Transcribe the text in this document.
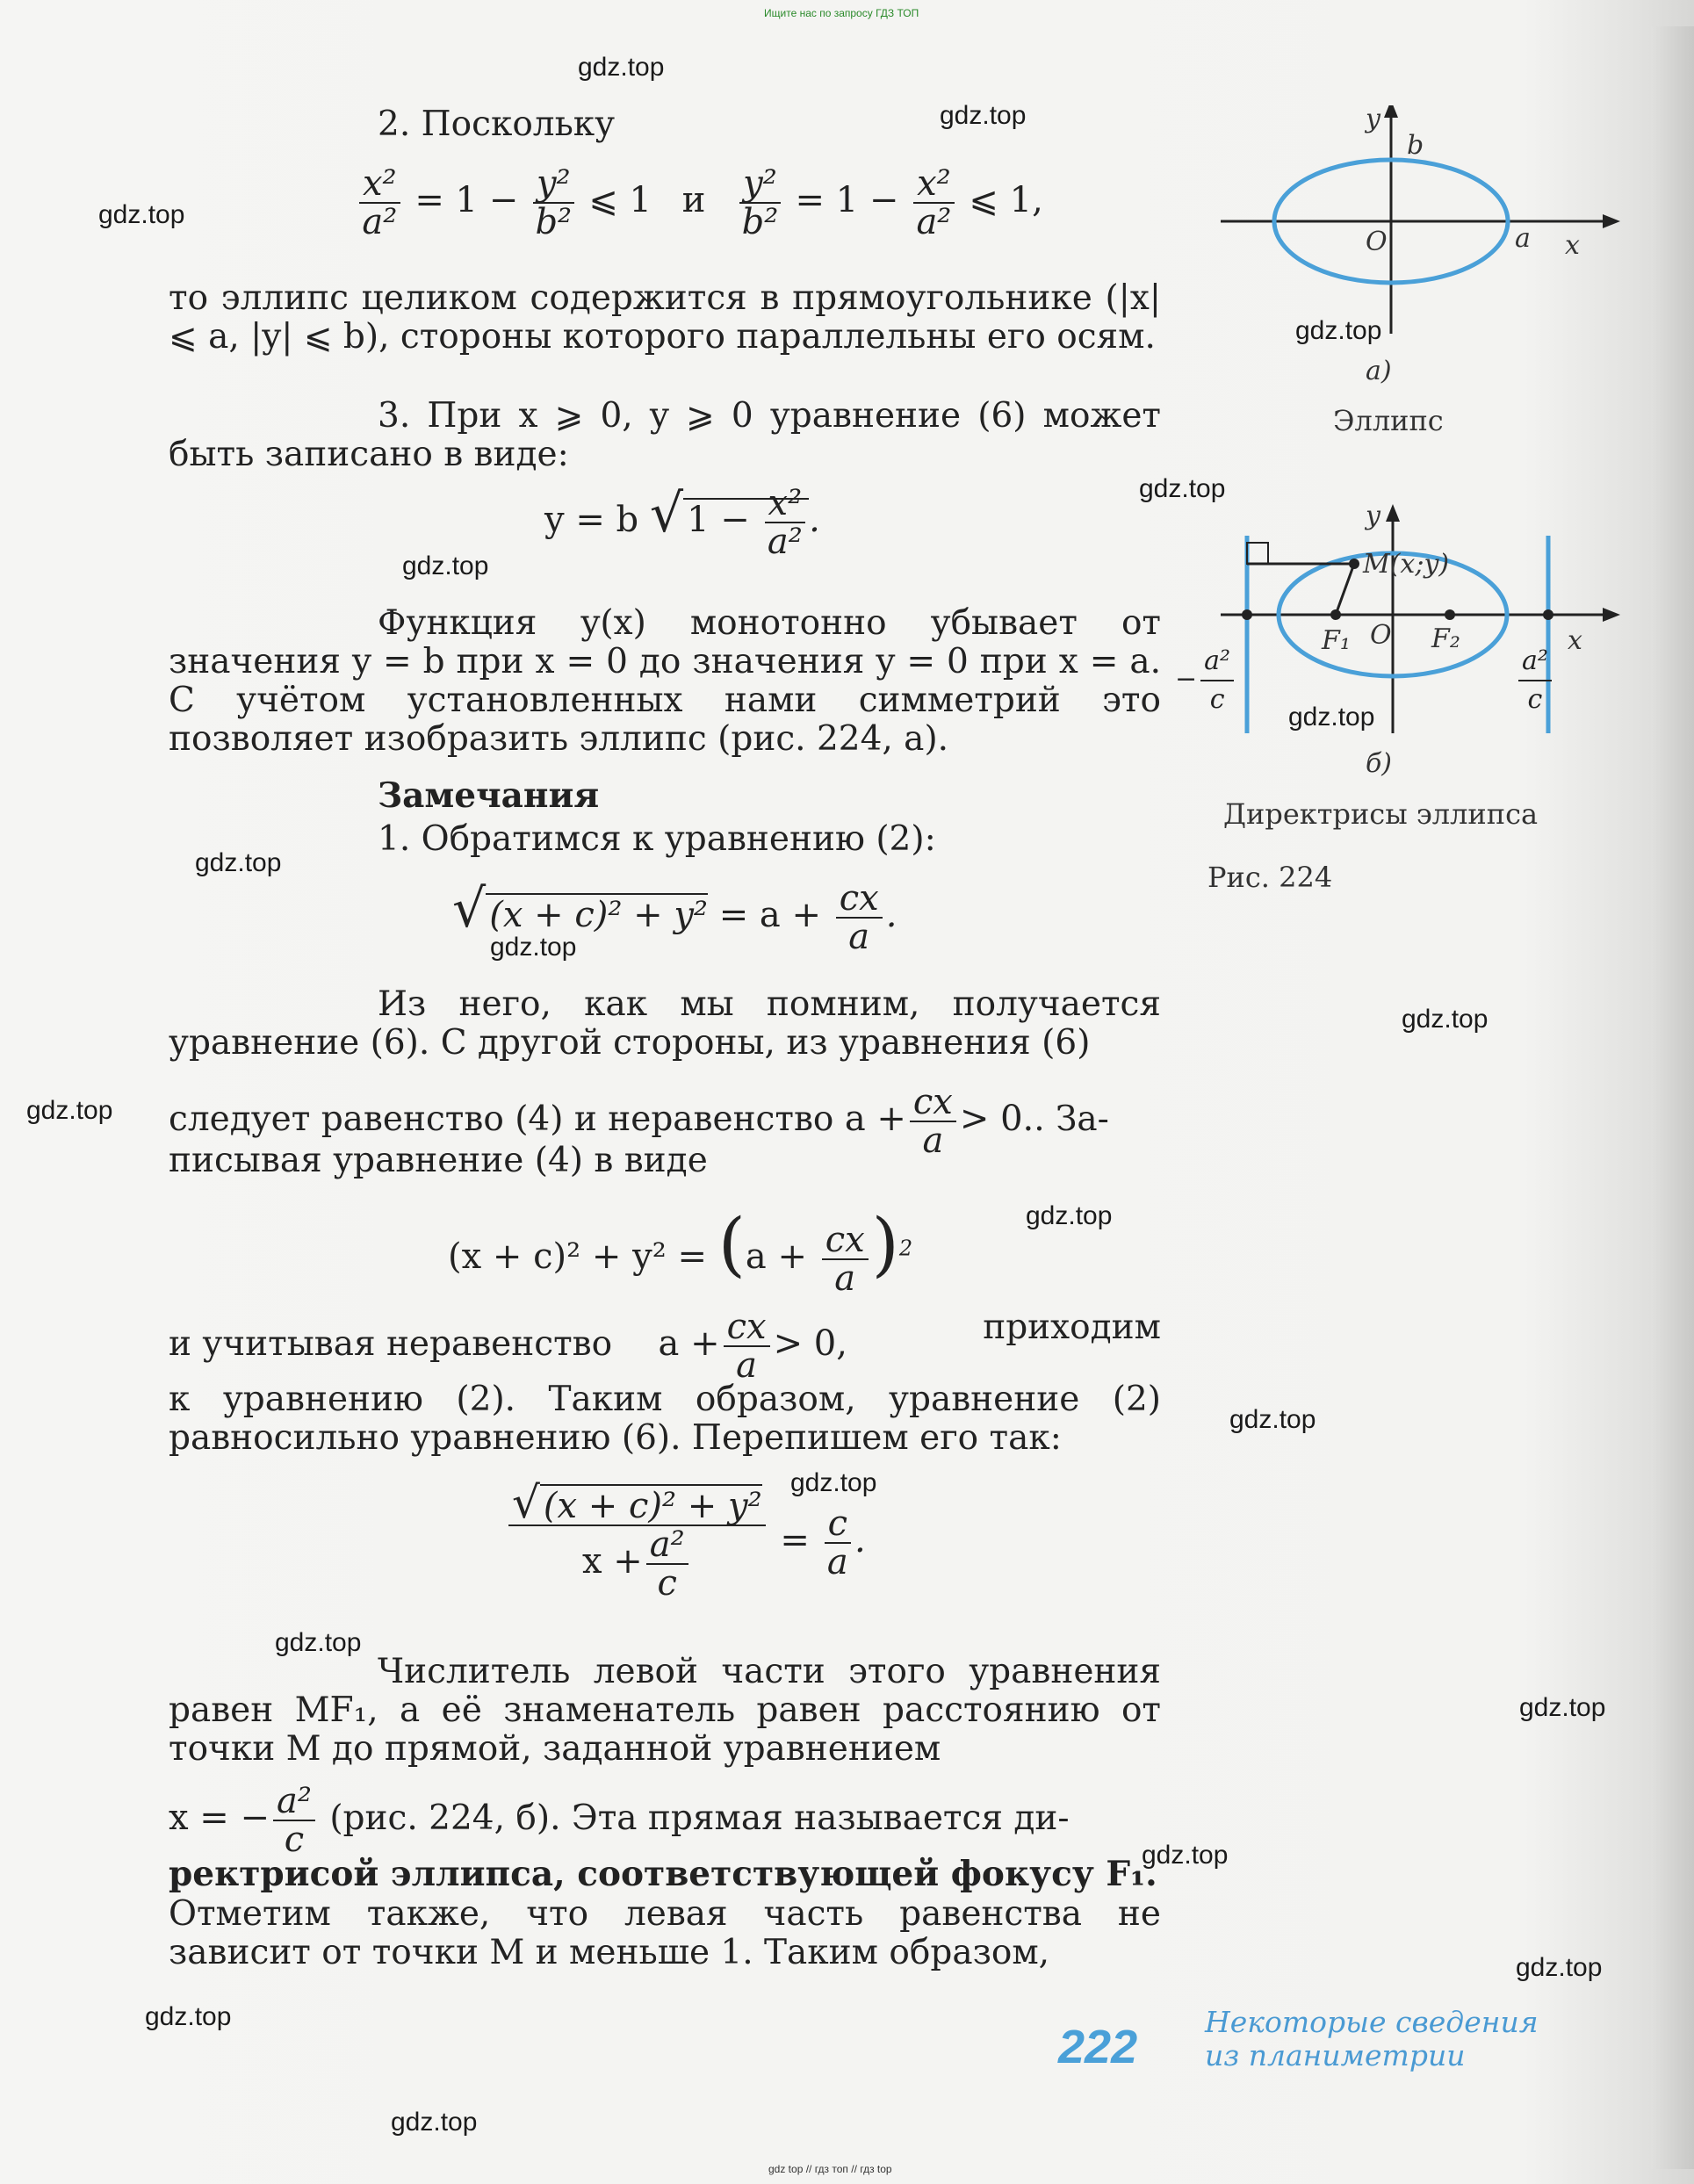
Ищите нас по запросу ГДЗ ТОП
2. Поскольку
$\frac{\text{x²}}{\text{a²}} = 1 - \frac{\text{y²}}{\text{b²}}$ ⩽ 1 и $\frac{\text{y²}}{\text{b²}} = 1 - \frac{\text{x²}}{\text{a²}}$ ⩽ 1,
то эллипс целиком содержится в прямоугольнике (|x| ⩽ a, |y| ⩽ b), стороны которого параллельны его осям.
3. При x ⩾ 0, y ⩾ 0 уравнение (6) может быть записано в виде:
y = b √ $1 - \frac{\text{x²}}{\text{a²}}$ .
Функция y(x) монотонно убывает от значения y = b при x = 0 до значения y = 0 при x = a. С учётом установленных нами симметрий это позволяет изобразить эллипс (рис. 224, a).
Замечания
1. Обратимся к уравнению (2):
√ $(x + c)^2 + y^2 = a + \frac{cx}{a}$ .
Из него, как мы помним, получается уравнение (6). С другой стороны, из уравнения (6)
следует равенство (4) и неравенство $a + \frac{cx}{a} > 0$.. За-
писывая уравнение (4) в виде
$(x + c)^2 + y^2 = (a + \frac{cx}{a} )^2$
и учитывая неравенство $a + \frac{cx}{a} > 0$,	приходим
к уравнению (2). Таким образом, уравнение (2) равносильно уравнению (6). Перепишем его так:
$\frac{\text{√ (x + c)² + y²}}{x + \frac{\text{a²}}{c}} = \frac{c}{a}$ .
Числитель левой части этого уравнения равен MF₁, а её знаменатель равен расстоянию от точки M до прямой, заданной уравнением
x = − $\frac{\text{a²}}{c} (рис$. 224, б). Эта прямая называется ди-
ректрисой эллипса, соответствующей фокусу F₁.
Отметим также, что левая часть равенства не зависит от точки M и меньше 1. Таким образом,
y
b
O	a x
а)
Эллипс
y
M(x;y)
F₁ O F₂	x
− $\frac{\text{a²}}{c}$	$\frac{\text{a²}}{c}$
б)
Директрисы эллипса
Рис. 224
222 Некоторые сведения
из планиметрии
gdz top // гдз топ // гдз top
gdz.top
gdz.top
gdz.top
gdz.top
gdz.top
gdz.top
gdz.top
gdz.top
gdz.top
gdz.top
gdz.top
gdz.top
gdz.top
gdz.top
gdz.top
gdz.top
gdz.top
gdz.top
gdz.top
gdz.top
